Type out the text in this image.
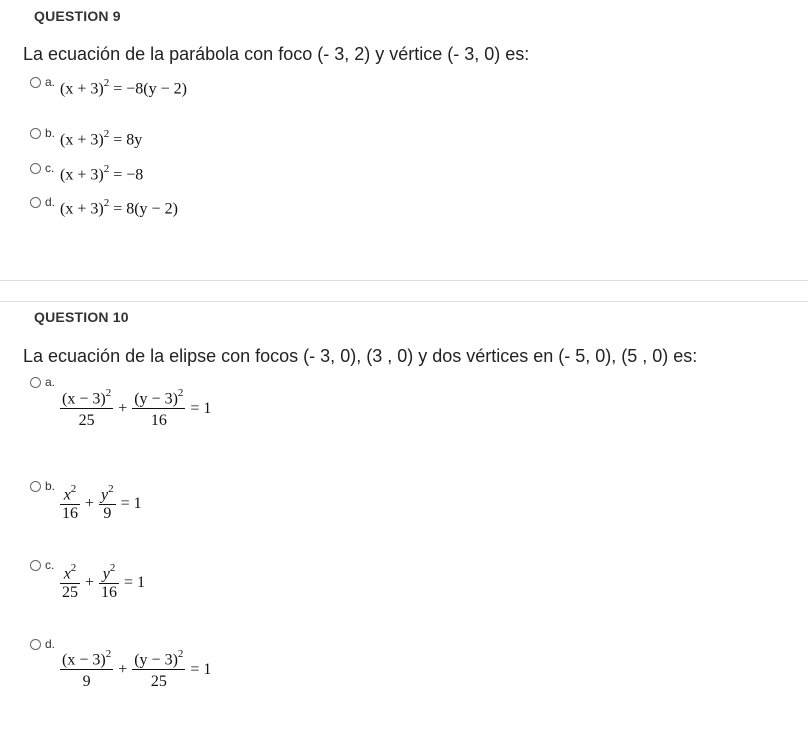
QUESTION 9
La ecuación de la parábola con foco (- 3, 2) y vértice (- 3, 0) es:
a. $(x + 3)^2 = -8(y - 2)$
b. $(x + 3)^2 = 8y$
c. $(x + 3)^2 = -8$
d. $(x + 3)^2 = 8(y - 2)$
QUESTION 10
La ecuación de la elipse con focos (- 3, 0), (3 , 0) y dos vértices en (- 5, 0), (5 , 0) es:
a.
$\frac{(x - 3)^2}{25} + \frac{(y - 3)^2}{16} = 1$
b. $\frac{x^2}{16} + \frac{y^2}{9} = 1$
c. $\frac{x^2}{25} + \frac{y^2}{16} = 1$
d.
$\frac{(x - 3)^2}{9} + \frac{(y - 3)^2}{25} = 1$
